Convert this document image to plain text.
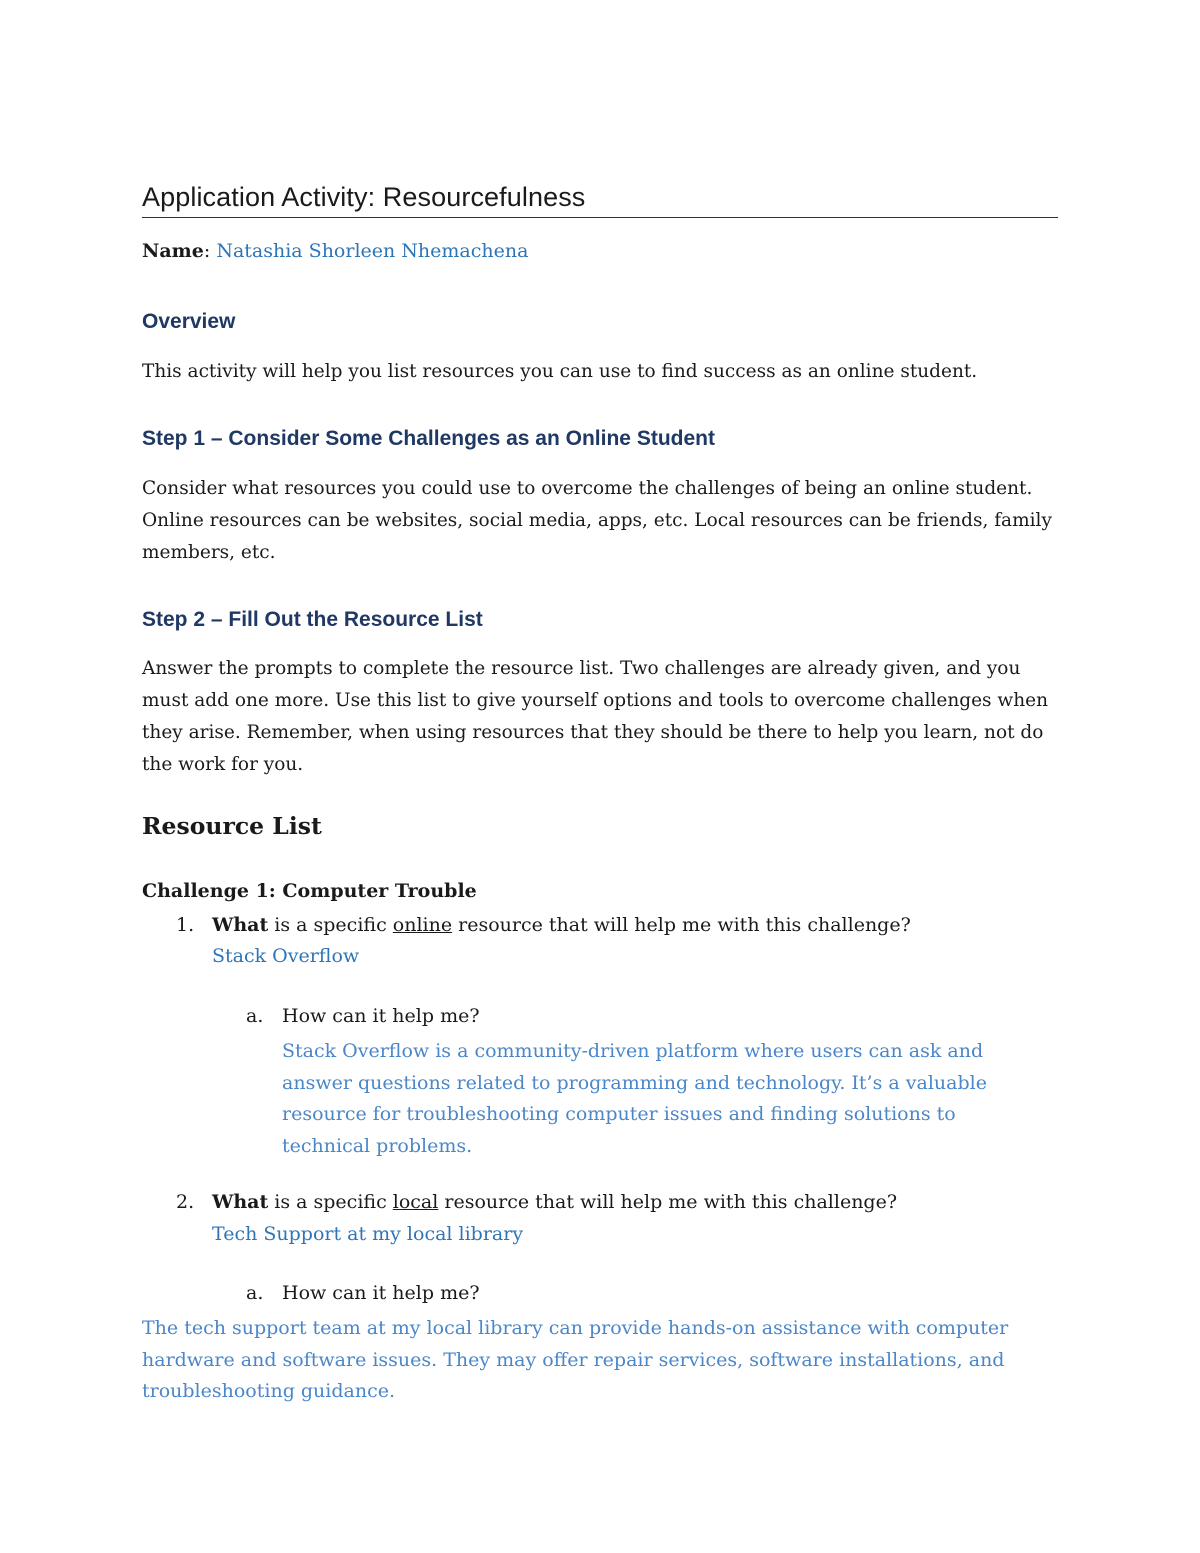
Application Activity: Resourcefulness
Name: Natashia Shorleen Nhemachena
Overview

This activity will help you list resources you can use to find success as an online student.

Step 1 – Consider Some Challenges as an Online Student

Consider what resources you could use to overcome the challenges of being an online student. Online resources can be websites, social media, apps, etc. Local resources can be friends, family members, etc.

Step 2 – Fill Out the Resource List

Answer the prompts to complete the resource list. Two challenges are already given, and you must add one more. Use this list to give yourself options and tools to overcome challenges when they arise. Remember, when using resources that they should be there to help you learn, not do the work for you.

Resource List
Challenge 1: Computer Trouble
1. What is a specific online resource that will help me with this challenge?
Stack Overflow
a. How can it help me?

Stack Overflow is a community-driven platform where users can ask and answer questions related to programming and technology. It’s a valuable resource for troubleshooting computer issues and finding solutions to technical problems.

2. What is a specific local resource that will help me with this challenge?
Tech Support at my local library
a. How can it help me?

The tech support team at my local library can provide hands-on assistance with computer hardware and software issues. They may offer repair services, software installations, and troubleshooting guidance.
